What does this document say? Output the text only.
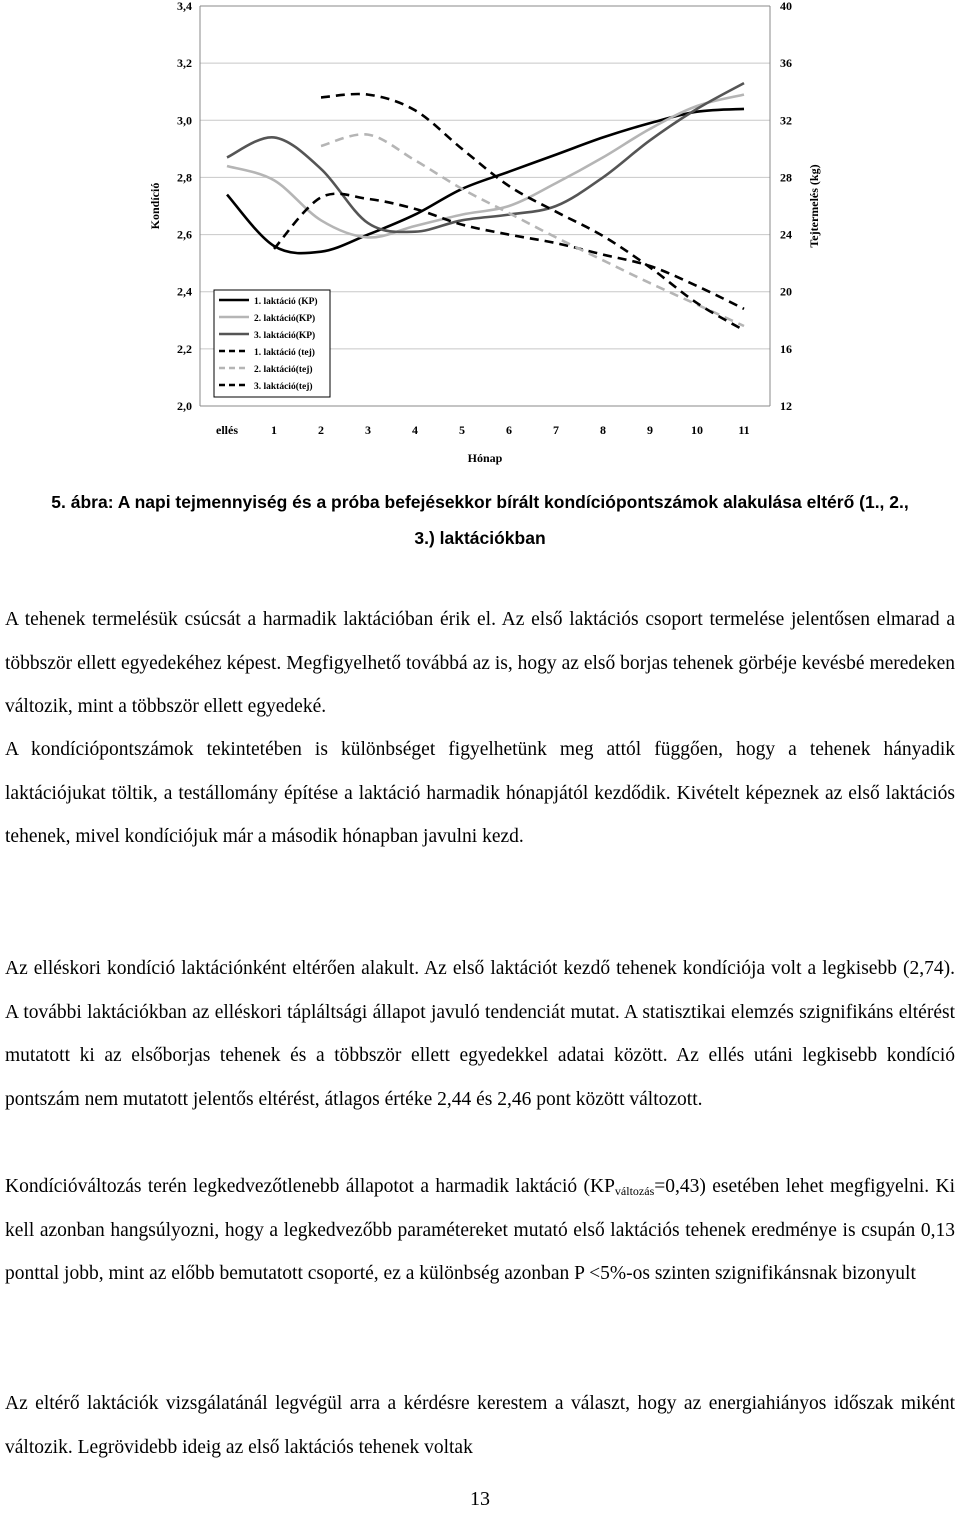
2,0
2,2
2,4
2,6
2,8
3,0
3,2
3,4
12
16
20
24
28
32
36
40
ellés	1	2	3	4	5	6	7	8	9	10	11
Kondíció	Tejtermelés (kg)
Hónap
1. laktáció (KP)
2. laktáció(KP)
3. laktáció(KP)
1. laktáció (tej)
2. laktáció(tej)
3. laktáció(tej)
5. ábra: A napi tejmennyiség és a próba befejésekkor bírált kondíciópontszámok alakulása eltérő (1., 2.,
3.) laktációkban
A tehenek termelésük csúcsát a harmadik laktációban érik el. Az első laktációs csoport termelése jelentősen elmarad a többször ellett egyedekéhez képest. Megfigyelhető továbbá az is, hogy az első borjas tehenek görbéje kevésbé meredeken változik, mint a többször ellett egyedeké.
A kondíciópontszámok tekintetében is különbséget figyelhetünk meg attól függően, hogy a tehenek hányadik laktációjukat töltik, a testállomány építése a laktáció harmadik hónapjától kezdődik. Kivételt képeznek az első laktációs tehenek, mivel kondíciójuk már a második hónapban javulni kezd.
Az elléskori kondíció laktációnként eltérően alakult. Az első laktációt kezdő tehenek kondíciója volt a legkisebb (2,74). A további laktációkban az elléskori tápláltsági állapot javuló tendenciát mutat. A statisztikai elemzés szignifikáns eltérést mutatott ki az elsőborjas tehenek és a többször ellett egyedekkel adatai között. Az ellés utáni legkisebb kondíció pontszám nem mutatott jelentős eltérést, átlagos értéke 2,44 és 2,46 pont között változott.
Kondícióváltozás terén legkedvezőtlenebb állapotot a harmadik laktáció $(KP_{változás}=0,43)$ esetében lehet megfigyelni. Ki kell azonban hangsúlyozni, hogy a legkedvezőbb paramétereket mutató első laktációs tehenek eredménye is csupán 0,13 ponttal jobb, mint az előbb bemutatott csoporté, ez a különbség azonban P <5%-os szinten szignifikánsnak bizonyult
Az eltérő laktációk vizsgálatánál legvégül arra a kérdésre kerestem a választ, hogy az energiahiányos időszak miként változik. Legrövidebb ideig az első laktációs tehenek voltak
13
